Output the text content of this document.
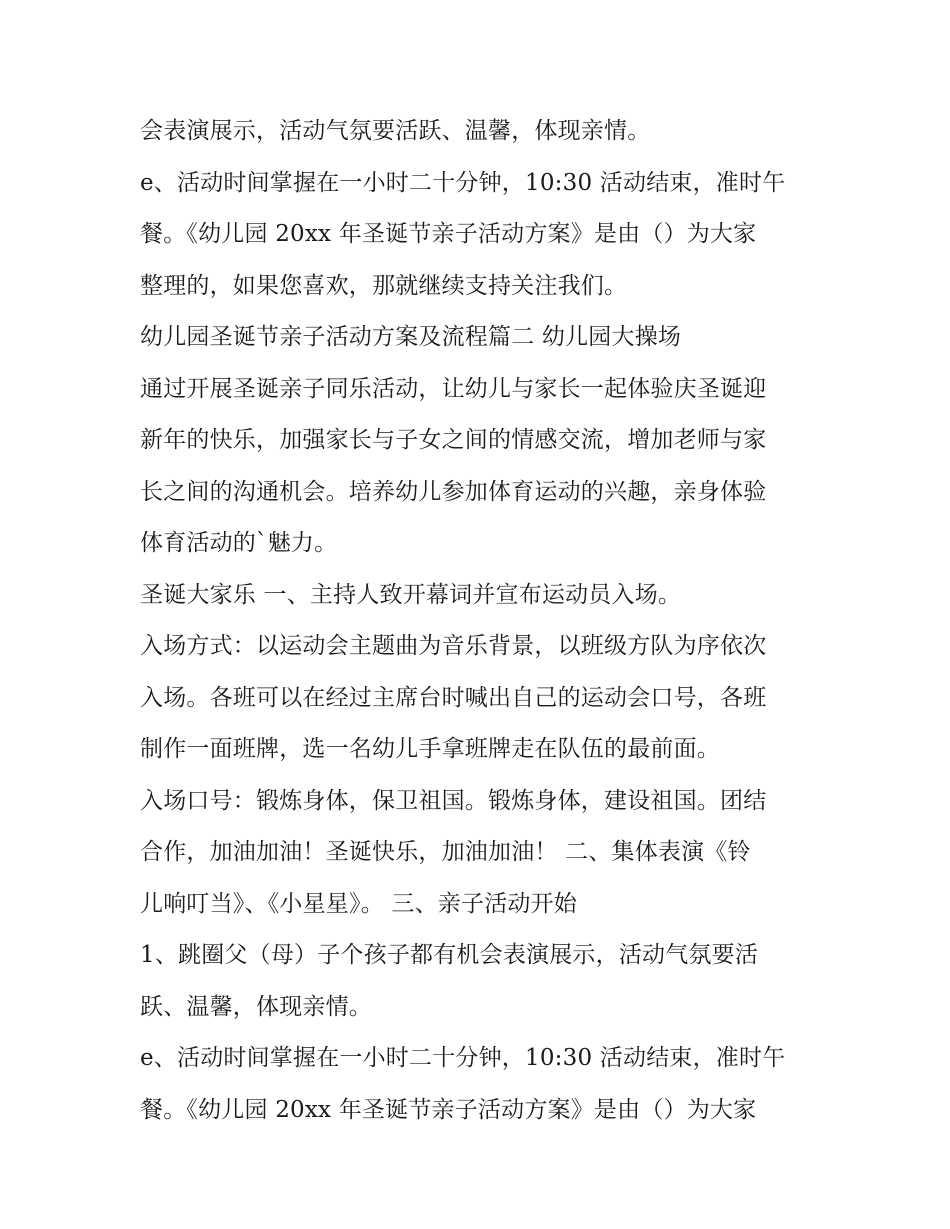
会表演展示，活动气氛要活跃、温馨，体现亲情。
e、活动时间掌握在一小时二十分钟，10:30 活动结束，准时午
餐。《幼儿园 20xx 年圣诞节亲子活动方案》是由（）为大家
整理的，如果您喜欢，那就继续支持关注我们。
幼儿园圣诞节亲子活动方案及流程篇二 幼儿园大操场
通过开展圣诞亲子同乐活动，让幼儿与家长一起体验庆圣诞迎
新年的快乐，加强家长与子女之间的情感交流，增加老师与家
长之间的沟通机会。培养幼儿参加体育运动的兴趣，亲身体验
体育活动的`魅力。
圣诞大家乐 一、主持人致开幕词并宣布运动员入场。
入场方式：以运动会主题曲为音乐背景，以班级方队为序依次
入场。各班可以在经过主席台时喊出自己的运动会口号，各班
制作一面班牌，选一名幼儿手拿班牌走在队伍的最前面。
入场口号：锻炼身体，保卫祖国。锻炼身体，建设祖国。团结
合作，加油加油！圣诞快乐，加油加油！ 二、集体表演《铃
儿响叮当》、《小星星》。 三、亲子活动开始
1、跳圈父（母）子个孩子都有机会表演展示，活动气氛要活
跃、温馨，体现亲情。
e、活动时间掌握在一小时二十分钟，10:30 活动结束，准时午
餐。《幼儿园 20xx 年圣诞节亲子活动方案》是由（）为大家
